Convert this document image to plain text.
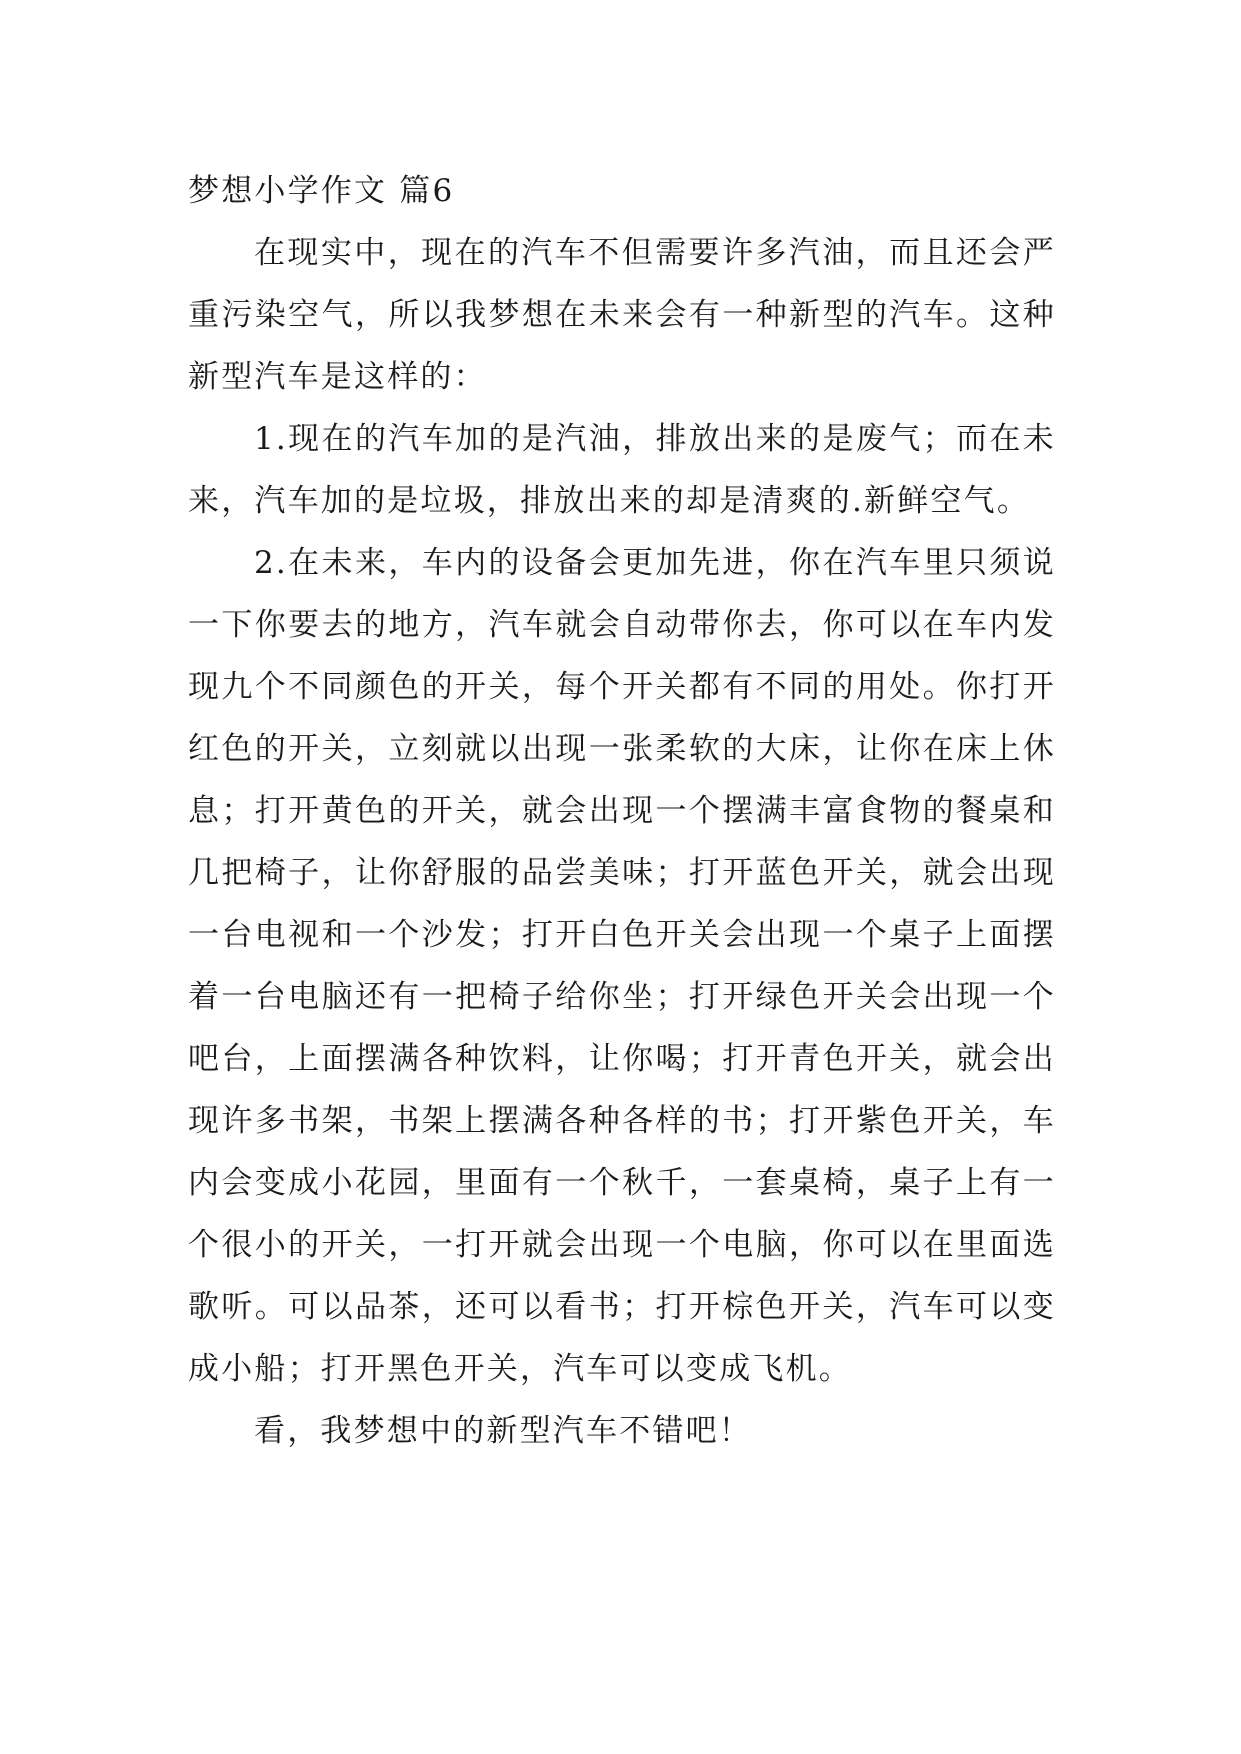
梦想小学作文 篇6

在现实中，现在的汽车不但需要许多汽油，而且还会严重污染空气，所以我梦想在未来会有一种新型的汽车。这种新型汽车是这样的：

1.现在的汽车加的是汽油，排放出来的是废气；而在未来，汽车加的是垃圾，排放出来的却是清爽的.新鲜空气。

2.在未来，车内的设备会更加先进，你在汽车里只须说一下你要去的地方，汽车就会自动带你去，你可以在车内发现九个不同颜色的开关，每个开关都有不同的用处。你打开红色的开关，立刻就以出现一张柔软的大床，让你在床上休息；打开黄色的开关，就会出现一个摆满丰富食物的餐桌和几把椅子，让你舒服的品尝美味；打开蓝色开关，就会出现一台电视和一个沙发；打开白色开关会出现一个桌子上面摆着一台电脑还有一把椅子给你坐；打开绿色开关会出现一个吧台，上面摆满各种饮料，让你喝；打开青色开关，就会出现许多书架，书架上摆满各种各样的书；打开紫色开关，车内会变成小花园，里面有一个秋千，一套桌椅，桌子上有一个很小的开关，一打开就会出现一个电脑，你可以在里面选歌听。可以品茶，还可以看书；打开棕色开关，汽车可以变成小船；打开黑色开关，汽车可以变成飞机。

看，我梦想中的新型汽车不错吧！
